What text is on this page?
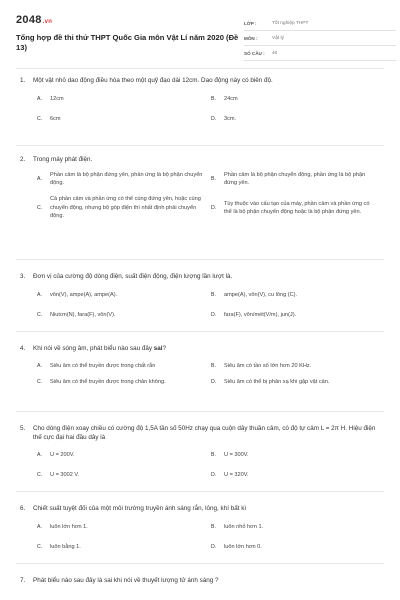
2048.vn
Tổng hợp đề thi thử THPT Quốc Gia môn Vật Lí năm 2020 (Đề 13)
LỚP :	Tốt nghiệp THPT
MÔN :	Vật lý
SỐ CÂU :	40
1.	Một vật nhỏ dao động điều hòa theo một quỹ đạo dài 12cm. Dao động này có biên độ.
A.	12cm	B.	24cm
C.	6cm	D.	3cm.
2.	Trong máy phát điện.
A.
Phần cảm là bộ phận đứng yên, phần ứng là bộ phận chuyển động.
B.
Phần cảm là bộ phận chuyển động, phần ứng là bộ phận đứng yên.
C.
Cả phần cảm và phần ứng có thể cùng đứng yên, hoặc cùng chuyển động, nhưng bộ góp điện thì nhất định phải chuyển động.
D.
Tùy thuộc vào cấu tạo của máy, phần cảm và phần ứng có thể là bộ phận chuyển động hoặc là bộ phận đứng yên.
3.	Đơn vị của cường độ dòng điện, suất điện động, điện lượng lần lượt là.
A.	vôn(V), ampe(A), ampe(A).	B.	ampe(A), vôn(V), cu lông (C).
C.	Niutơn(N), fara(F), vôn(V).	D.	fara(F), vôn/mét(V/m), jun(J).
4.	Khi nói về sóng âm, phát biểu nào sau đây sai?
A.	Siêu âm có thể truyền được trong chất rắn	B.	Siêu âm có tần số lớn hơn 20 KHz.
C.	Siêu âm có thể truyền được trong chân không.	D.	Siêu âm có thể bị phản xạ khi gặp vật cản.
5.	Cho dòng điện xoay chiều có cường độ 1,5A tần số 50Hz chạy qua cuộn dây thuần cảm, có độ tự cảm L = 2π H. Hiệu điện thế cực đại hai đầu dây là
A.	U = 200V.	B.	U = 300V.
C.	U = 3002 V.	D.	U = 320V.
6.	Chiết suất tuyệt đối của một môi trường truyền ánh sáng rắn, lỏng, khí bất kì
A.	luôn lớn hơn 1.	B.	luôn nhỏ hơn 1.
C.	luôn bằng 1.	D.	luôn lớn hơn 0.
7.	Phát biểu nào sau đây là sai khi nói về thuyết lượng tử ánh sáng ?
